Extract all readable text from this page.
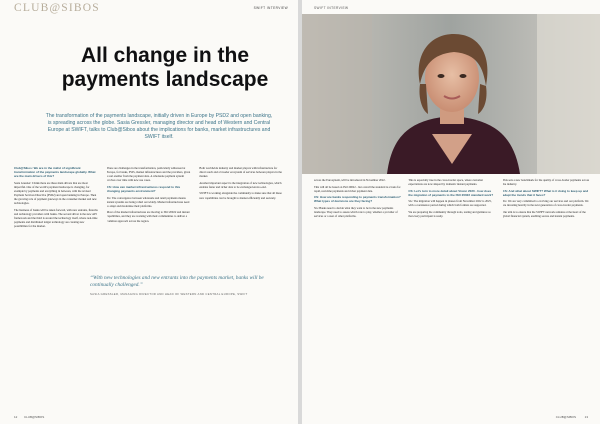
CLUB@SIBOS	SWIFT INTERVIEW
All change in the
payments landscape
The transformation of the payments landscape, initially driven in Europe by PSD2 and open banking, is spreading across the globe. Sasia Gressler, managing director and head of Western and Central Europe at SWIFT, talks to Club@Sibos about the implications for banks, market infrastructures and SWIFT itself.

Club@Sibos: We are in the midst of significant transformation of the payments landscape globally. What are the main drivers of this?

Sasia Gressler: I think there are three main drivers that are most impactful. One of the world's payment landscape is changing, for example by payments and everything in between, with the revised Payment Services Directive (PSD2) and open banking in Europe. Then the growing role of payment gateways in the consumer market and new technologies.

The business of banks will be taken forward, with new entrants, fintechs and technology providers with banks. The second driver is the new API framework and the third is around the technology itself, where real-time payments and distributed ledger technology are creating new possibilities for the market.

There are challenges in the transformation, particularly addressed at Europe, for banks, PSPs, market infrastructures and the providers, given a real enabler from the payment data. A wholesale payment system evolves over time with new use cases.

CS: How can market infrastructures respond to this changing payments environment?

SG: The convergence between wholesale and retail payments means instant systems are being rolled out widely. Market infrastructures need to adapt and modernise their platforms.

Most of the market infrastructures are moving to ISO 20022 and instant capabilities, and they are working with their communities to deliver a common approach across the region.

Both worldwide industry and market players with infrastructure for direct reach and a broader ecosystem of services between players in the market.

Another important aspect is the integration of new technologies, which enables faster and richer data to be exchanged end-to-end.

SWIFT is working alongside the community to make sure that all these new capabilities can be brought to market efficiently and securely.

“With new technologies and new entrants into the payments market, banks will be continually challenged.”
SASIA GRESSLER, MANAGING DIRECTOR AND HEAD OF WESTERN AND CENTRAL EUROPE, SWIFT
12 CLUB@SIBOS
SWIFT INTERVIEW

across the Eurosystem, will be introduced in November 2022.

This will all be based on ISO 20022 - but overall the standard is a basis for rapid, real-time payments and richer payment data.

CS: How are banks responding to payments transformation? What types of decisions are they facing?

SG: Banks need to decide what they want to be in the new payments landscape. They need to assess which role to play, whether a provider of services or a user of other platforms.

This is especially true in the cross-border space, where customer expectations are now shaped by domestic instant payments.

CS: Let's turn to more detail about Vision 2020 - how does the migration of payments to the ISO 20022 standard work?

SG: The migration will happen in phases from November 2022 to 2025, with a coexistence period during which both formats are supported.

We are preparing the community through tools, testing and guidance so that every participant is ready.

This sets a new benchmark for the quality of cross-border payments across the industry.

CS: And what about SWIFT? What is it doing to keep up and adapt the trends that it faces?

SG: We are very committed to evolving our services and our platform. We are investing heavily in the next generation of cross-border payments.

Our aim is to ensure that the SWIFT network remains at the heart of the global financial system, enabling secure and instant payments.

CLUB@SIBOS	13
